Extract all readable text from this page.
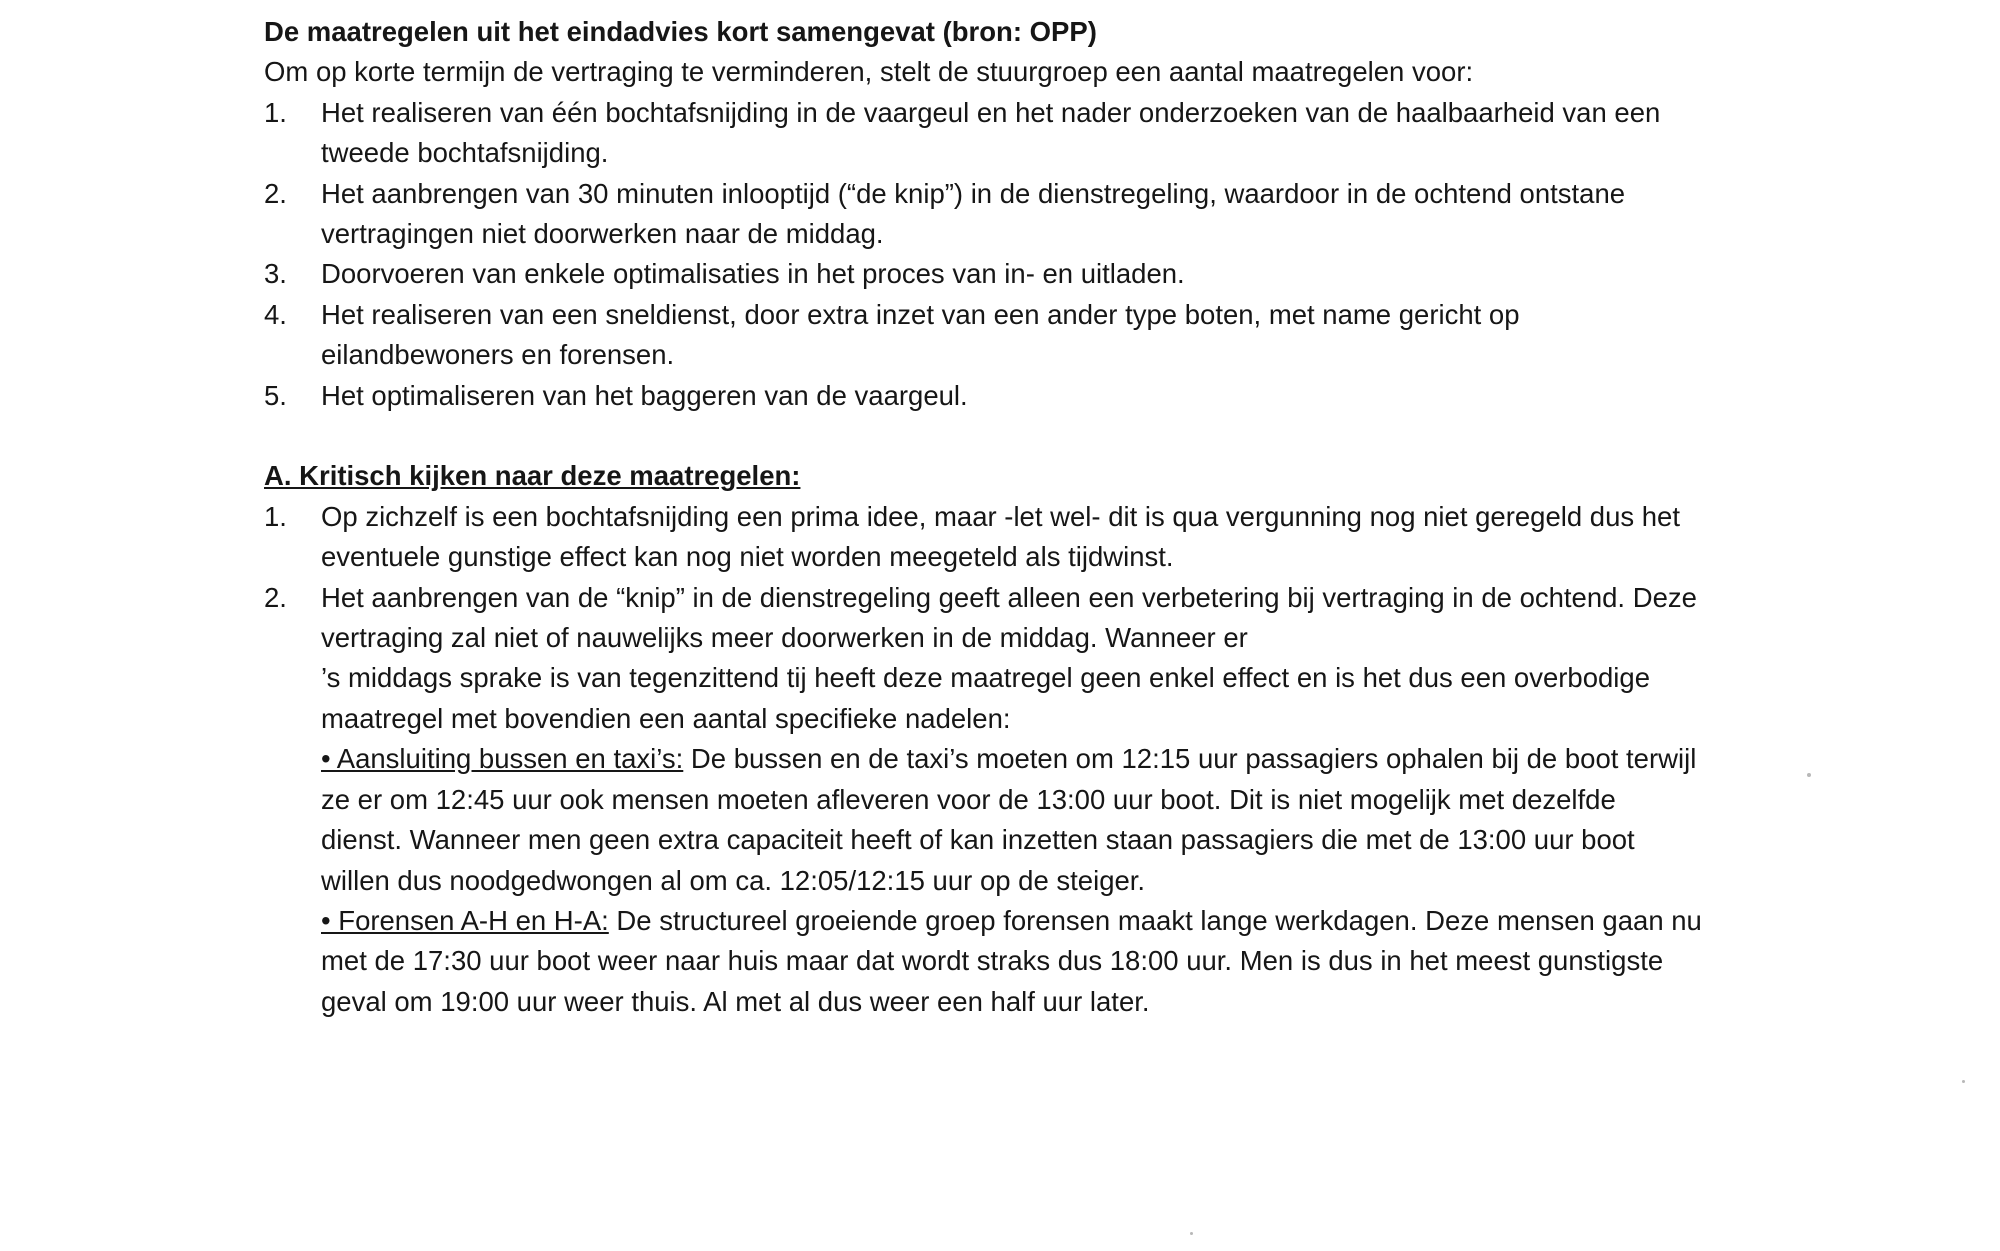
De maatregelen uit het eindadvies kort samengevat (bron: OPP)

Om op korte termijn de vertraging te verminderen, stelt de stuurgroep een aantal maatregelen voor:

1. Het realiseren van één bochtafsnijding in de vaargeul en het nader onderzoeken van de haalbaarheid van een tweede bochtafsnijding.
2. Het aanbrengen van 30 minuten inlooptijd (“de knip”) in de dienstregeling, waardoor in de ochtend ontstane vertragingen niet doorwerken naar de middag.
3. Doorvoeren van enkele optimalisaties in het proces van in- en uitladen.
4. Het realiseren van een sneldienst, door extra inzet van een ander type boten, met name gericht op eilandbewoners en forensen.
5. Het optimaliseren van het baggeren van de vaargeul.

A. Kritisch kijken naar deze maatregelen:

1. Op zichzelf is een bochtafsnijding een prima idee, maar -let wel- dit is qua vergunning nog niet geregeld dus het eventuele gunstige effect kan nog niet worden meegeteld als tijdwinst.
2. Het aanbrengen van de “knip” in de dienstregeling geeft alleen een verbetering bij vertraging in de ochtend. Deze vertraging zal niet of nauwelijks meer doorwerken in de middag. Wanneer er
’s middags sprake is van tegenzittend tij heeft deze maatregel geen enkel effect en is het dus een overbodige maatregel met bovendien een aantal specifieke nadelen:
• Aansluiting bussen en taxi’s: De bussen en de taxi’s moeten om 12:15 uur passagiers ophalen bij de boot terwijl ze er om 12:45 uur ook mensen moeten afleveren voor de 13:00 uur boot. Dit is niet mogelijk met dezelfde dienst. Wanneer men geen extra capaciteit heeft of kan inzetten staan passagiers die met de 13:00 uur boot willen dus noodgedwongen al om ca. 12:05/12:15 uur op de steiger.
• Forensen A-H en H-A: De structureel groeiende groep forensen maakt lange werkdagen. Deze mensen gaan nu met de 17:30 uur boot weer naar huis maar dat wordt straks dus 18:00 uur. Men is dus in het meest gunstigste geval om 19:00 uur weer thuis. Al met al dus weer een half uur later.
